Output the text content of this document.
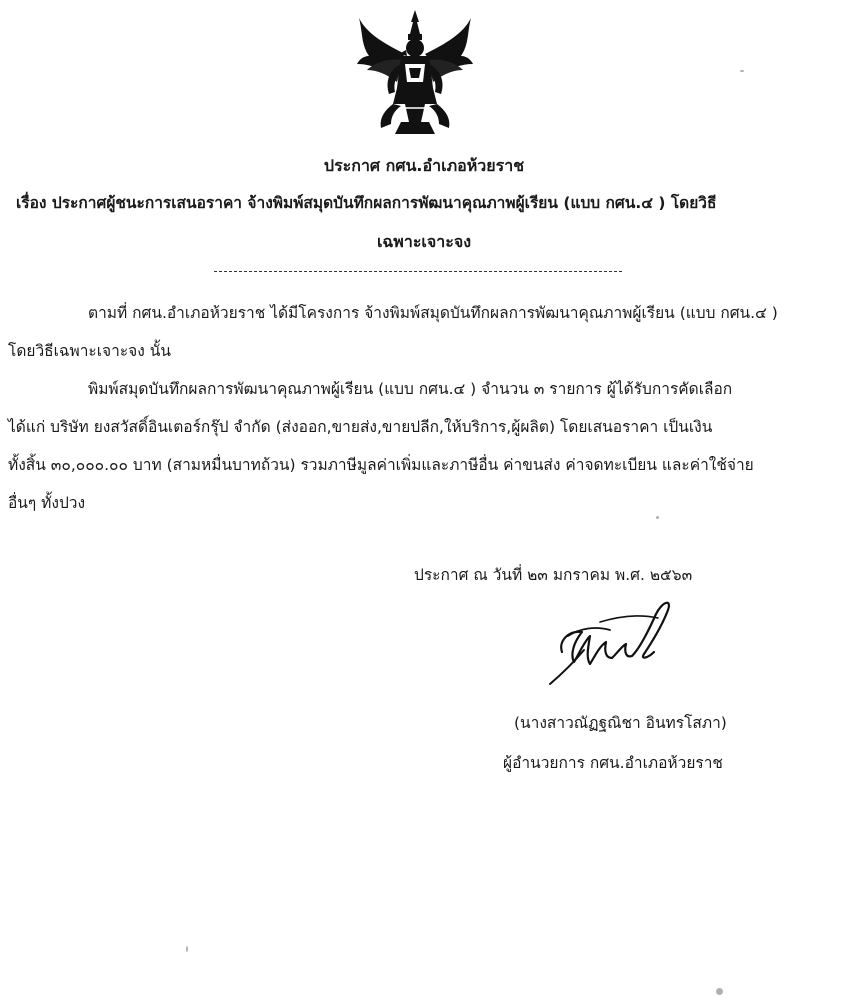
ประกาศ กศน.อำเภอห้วยราช
เรื่อง ประกาศผู้ชนะการเสนอราคา จ้างพิมพ์สมุดบันทึกผลการพัฒนาคุณภาพผู้เรียน (แบบ กศน.๔ ) โดยวิธี
เฉพาะเจาะจง
ตามที่ กศน.อำเภอห้วยราช ได้มีโครงการ จ้างพิมพ์สมุดบันทึกผลการพัฒนาคุณภาพผู้เรียน (แบบ กศน.๔ )
โดยวิธีเฉพาะเจาะจง นั้น
พิมพ์สมุดบันทึกผลการพัฒนาคุณภาพผู้เรียน (แบบ กศน.๔ ) จำนวน ๓ รายการ ผู้ได้รับการคัดเลือก
ได้แก่ บริษัท ยงสวัสดิ์อินเตอร์กรุ๊ป จำกัด (ส่งออก,ขายส่ง,ขายปลีก,ให้บริการ,ผู้ผลิต) โดยเสนอราคา เป็นเงิน
ทั้งสิ้น ๓๐,๐๐๐.๐๐ บาท (สามหมื่นบาทถ้วน) รวมภาษีมูลค่าเพิ่มและภาษีอื่น ค่าขนส่ง ค่าจดทะเบียน และค่าใช้จ่าย
อื่นๆ ทั้งปวง
ประกาศ ณ วันที่ ๒๓ มกราคม พ.ศ. ๒๕๖๓
(นางสาวณัฏฐณิชา อินทรโสภา)
ผู้อำนวยการ กศน.อำเภอห้วยราช
